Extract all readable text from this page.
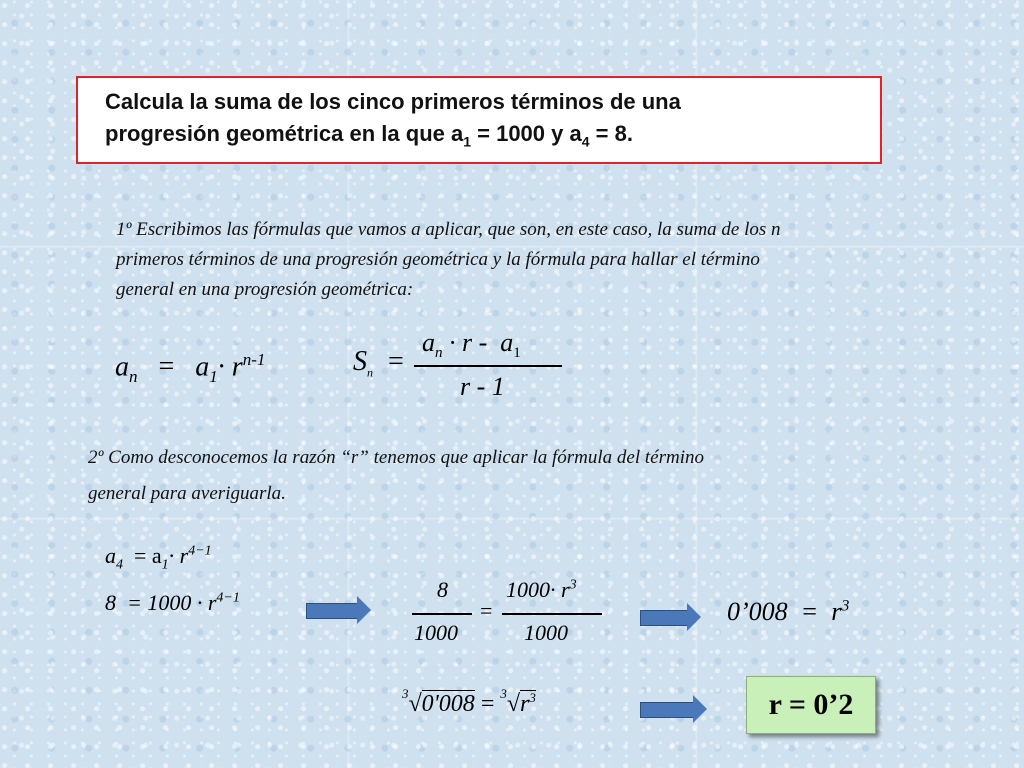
Calcula la suma de los cinco primeros términos de una
progresión geométrica en la que $a_1 = 1000$ y $a_4 = 8$.
1º Escribimos las fórmulas que vamos a aplicar, que son, en este caso, la suma de los n
primeros términos de una progresión geométrica y la fórmula para hallar el término
general en una progresión geométrica:
$a_n = a_1\cdot r^{n-1}$	$S_n$ =
$a_n \cdot r - a_1$
r - 1
2º Como desconocemos la razón “r” tenemos que aplicar la fórmula del término
general para averiguarla.
$a_4 = a_1\cdot r^{4-1}$
$8 = 1000 \cdot r^{4-1}$	8
1000
=
$1000\cdot r^3$
1000
0’008  =  $r^3$
$^3√0'008 = ^3√r^3$	r = 0’2
